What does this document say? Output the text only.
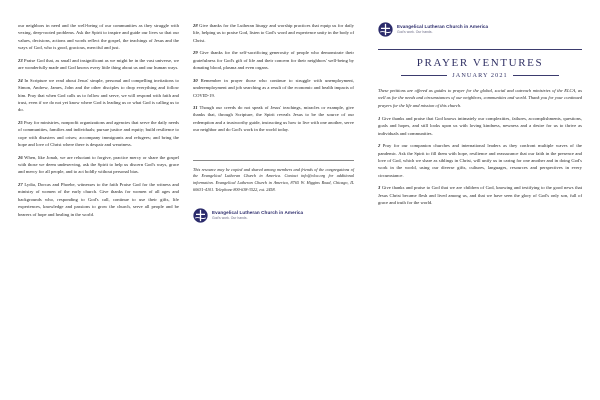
our neighbors in need and the well-being of our communities as they struggle with vexing, deep-rooted problems. Ask the Spirit to inspire and guide our lives so that our values, decisions, actions and words reflect the gospel, the teachings of Jesus and the ways of God, who is good, gracious, merciful and just.

23 Praise God that, as small and insignificant as we might be in the vast universe, we are wonderfully made and God knows every little thing about us and our human ways.

24 In Scripture we read about Jesus' simple, personal and compelling invitations to Simon, Andrew, James, John and the other disciples to drop everything and follow him. Pray that when God calls us to follow and serve, we will respond with faith and trust, even if we do not yet know where God is leading us or what God is calling us to do.

25 Pray for ministries, nonprofit organizations and agencies that serve the daily needs of communities, families and individuals; pursue justice and equity; build resilience to cope with disasters and crises; accompany immigrants and refugees; and bring the hope and love of Christ where there is despair and weariness.

26 When, like Jonah, we are reluctant to forgive, practice mercy or share the gospel with those we deem undeserving, ask the Spirit to help us discern God's ways, grace and mercy for all people, and to act boldly without personal bias.

27 Lydia, Dorcas and Phoebe, witnesses to the faith Praise God for the witness and ministry of women of the early church. Give thanks for women of all ages and backgrounds who, responding to God's call, continue to use their gifts, life experiences, knowledge and passions to grow the church, serve all people and be bearers of hope and healing in the world.

28 Give thanks for the Lutheran liturgy and worship practices that equip us for daily life, helping us to praise God, listen to God's word and experience unity in the body of Christ.

29 Give thanks for the self-sacrificing generosity of people who demonstrate their gratefulness for God's gift of life and their concern for their neighbors' well-being by donating blood, plasma and even organs.

30 Remember in prayer those who continue to struggle with unemployment, underemployment and job searching as a result of the economic and health impacts of COVID-19.

31 Though our creeds do not speak of Jesus' teachings, miracles or example, give thanks that, through Scripture, the Spirit reveals Jesus to be the source of our redemption and a trustworthy guide, instructing us how to live with one another, serve our neighbor and do God's work in the world today.

This resource may be copied and shared among members and friends of the congregations of the Evangelical Lutheran Church in America. Contact info@elca.org for additional information. Evangelical Lutheran Church in America, 8765 W. Higgins Road, Chicago, IL 60631-4101. Telephone 800-638-3522, ext. 2458.

Evangelical Lutheran Church in America
God's work. Our hands.
Evangelical Lutheran Church in America
God's work. Our hands.
PRAYER VENTURES
JANUARY 2021

These petitions are offered as guides to prayer for the global, social and outreach ministries of the ELCA, as well as for the needs and circumstances of our neighbors, communities and world. Thank you for your continued prayers for the life and mission of this church.

1 Give thanks and praise that God knows intimately our complexities, failures, accomplishments, questions, goals and hopes, and still looks upon us with loving kindness, newness and a desire for us to thrive as individuals and communities.

2 Pray for our companion churches and international leaders as they confront multiple waves of the pandemic. Ask the Spirit to fill them with hope, resilience and reassurance that our faith in the presence and love of God, which we share as siblings in Christ, will unify us in caring for one another and in doing God's work in the world, using our diverse gifts, cultures, languages, resources and perspectives in every circumstance.

3 Give thanks and praise to God that we are children of God, knowing and testifying to the good news that Jesus Christ became flesh and lived among us, and that we have seen the glory of God's only son, full of grace and truth for the world.
